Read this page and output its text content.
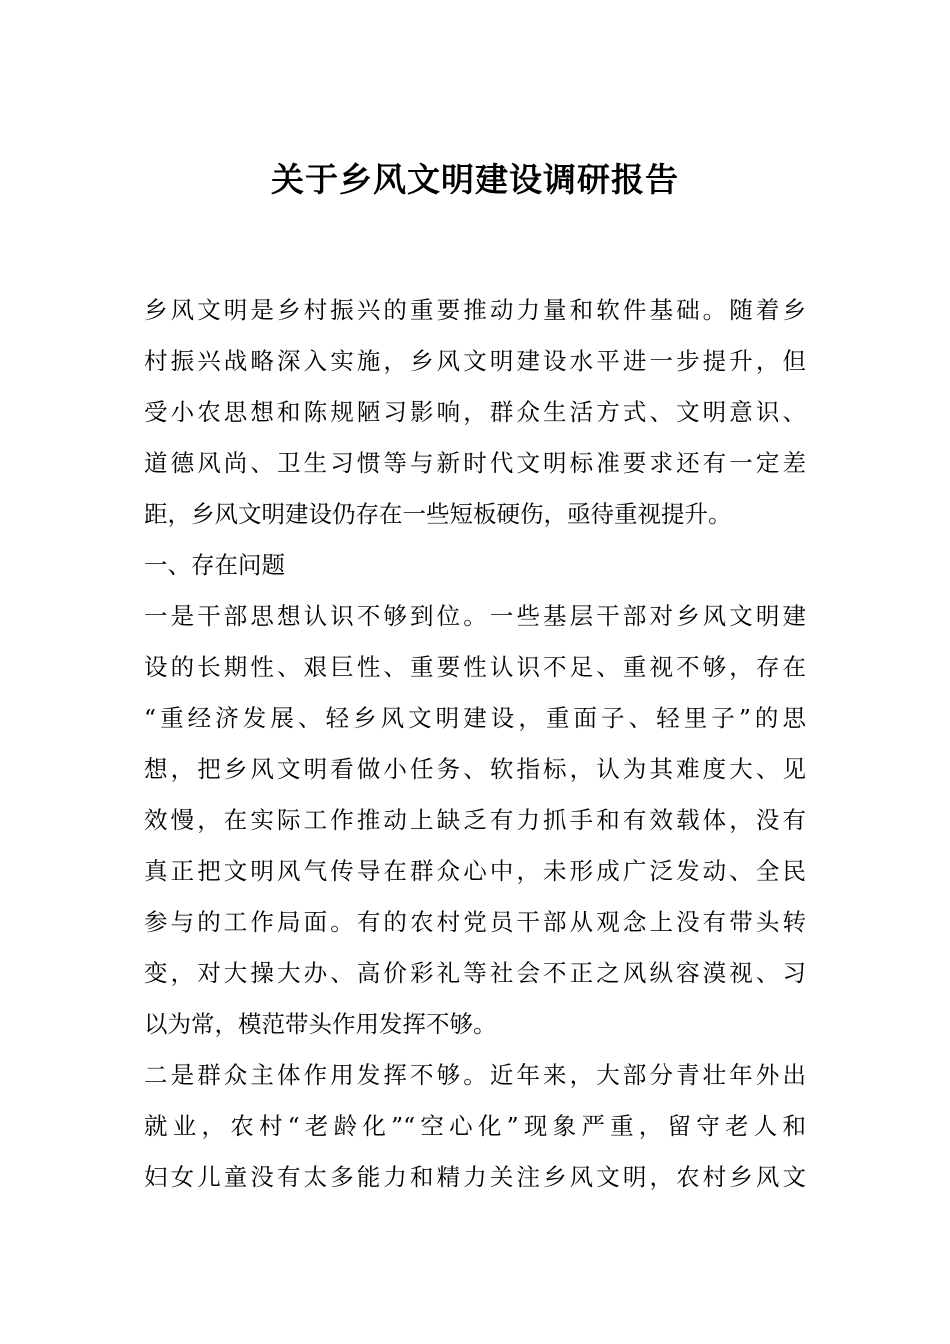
关于乡风文明建设调研报告
乡风文明是乡村振兴的重要推动力量和软件基础。随着乡
村振兴战略深入实施，乡风文明建设水平进一步提升，但
受小农思想和陈规陋习影响，群众生活方式、文明意识、
道德风尚、卫生习惯等与新时代文明标准要求还有一定差
距，乡风文明建设仍存在一些短板硬伤，亟待重视提升。
一、存在问题
一是干部思想认识不够到位。一些基层干部对乡风文明建
设的长期性、艰巨性、重要性认识不足、重视不够，存在
“重经济发展、轻乡风文明建设，重面子、轻里子”的思
想，把乡风文明看做小任务、软指标，认为其难度大、见
效慢，在实际工作推动上缺乏有力抓手和有效载体，没有
真正把文明风气传导在群众心中，未形成广泛发动、全民
参与的工作局面。有的农村党员干部从观念上没有带头转
变，对大操大办、高价彩礼等社会不正之风纵容漠视、习
以为常，模范带头作用发挥不够。
二是群众主体作用发挥不够。近年来，大部分青壮年外出
就业，农村“老龄化”“空心化”现象严重，留守老人和
妇女儿童没有太多能力和精力关注乡风文明，农村乡风文
